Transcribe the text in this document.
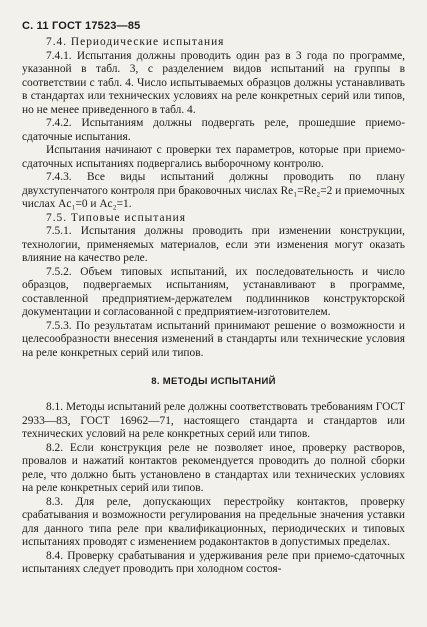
С. 11 ГОСТ 17523—85

7.4. Периодические испытания

7.4.1. Испытания должны проводить один раз в 3 года по программе, указанной в табл. 3, с разделением видов испытаний на группы в соответствии с табл. 4. Число испытываемых образцов должны устанавливать в стандартах или технических условиях на реле конкретных серий или типов, но не менее приведенного в табл. 4.

7.4.2. Испытаниям должны подвергать реле, прошедшие приемо-сдаточные испытания.

Испытания начинают с проверки тех параметров, которые при приемо-сдаточных испытаниях подвергались выборочному контролю.

7.4.3. Все виды испытаний должны проводить по плану двухступенчатого контроля при браковочных числах Re₁=Re₂=2 и приемочных числах Ac₁=0 и Ac₂=1.

7.5. Типовые испытания

7.5.1. Испытания должны проводить при изменении конструкции, технологии, применяемых материалов, если эти изменения могут оказать влияние на качество реле.

7.5.2. Объем типовых испытаний, их последовательность и число образцов, подвергаемых испытаниям, устанавливают в программе, составленной предприятием-держателем подлинников конструкторской документации и согласованной с предприятием-изготовителем.

7.5.3. По результатам испытаний принимают решение о возможности и целесообразности внесения изменений в стандарты или технические условия на реле конкретных серий или типов.

8. МЕТОДЫ ИСПЫТАНИЙ

8.1. Методы испытаний реле должны соответствовать требованиям ГОСТ 2933—83, ГОСТ 16962—71, настоящего стандарта и стандартов или технических условий на реле конкретных серий или типов.

8.2. Если конструкция реле не позволяет иное, проверку растворов, провалов и нажатий контактов рекомендуется проводить до полной сборки реле, что должно быть установлено в стандартах или технических условиях на реле конкретных серий или типов.

8.3. Для реле, допускающих перестройку контактов, проверку срабатывания и возможности регулирования на предельные значения уставки для данного типа реле при квалификационных, периодических и типовых испытаниях проводят с изменением родаконтактов в допустимых пределах.

8.4. Проверку срабатывания и удерживания реле при приемо-сдаточных испытаниях следует проводить при холодном состоя-
